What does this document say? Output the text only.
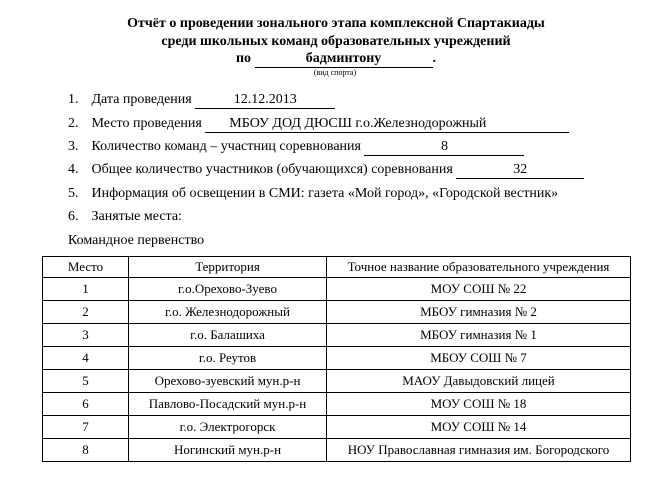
Отчёт о проведении зонального этапа комплексной Спартакиады
среди школьных команд образовательных учреждений
по	бадминтону	.
(вид спорта)
1. Дата проведения	12.12.2013
2. Место проведения МБОУ ДОД ДЮСШ г.о.Железнодорожный
3. Количество команд – участниц соревнования	8
4. Общее количество участников (обучающихся) соревнования	32
5. Информация об освещении в СМИ: газета «Мой город», «Городской вестник»
6. Занятые места:
Командное первенство
Место	Территория	Точное название образовательного учреждения
1	г.о.Орехово-Зуево	МОУ СОШ № 22
2	г.о. Железнодорожный	МБОУ гимназия № 2
3	г.о. Балашиха	МБОУ гимназия № 1
4	г.о. Реутов	МБОУ СОШ № 7
5	Орехово-зуевский мун.р-н	МАОУ Давыдовский лицей
6	Павлово-Посадский мун.р-н	МОУ СОШ № 18
7	г.о. Электрогорск	МОУ СОШ № 14
8	Ногинский мун.р-н	НОУ Православная гимназия им. Богородского
